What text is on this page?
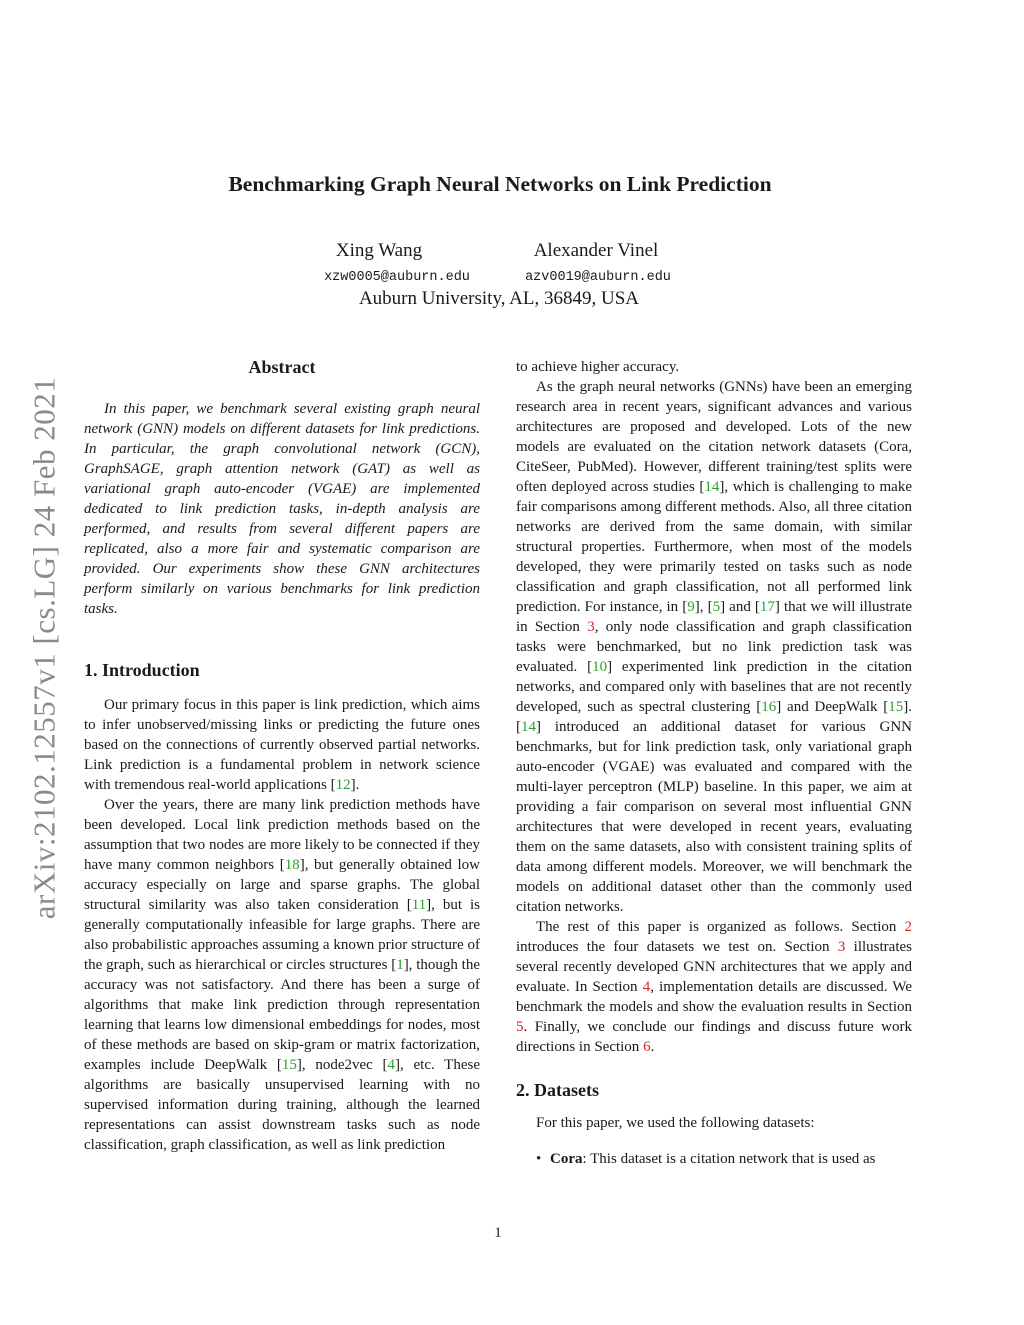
arXiv:2102.12557v1 [cs.LG] 24 Feb 2021
Benchmarking Graph Neural Networks on Link Prediction
Xing Wang
xzw0005@auburn.edu
Alexander Vinel
azv0019@auburn.edu
Auburn University, AL, 36849, USA
Abstract

In this paper, we benchmark several existing graph neural network (GNN) models on different datasets for link predictions. In particular, the graph convolutional network (GCN), GraphSAGE, graph attention network (GAT) as well as variational graph auto-encoder (VGAE) are implemented dedicated to link prediction tasks, in-depth analysis are performed, and results from several different papers are replicated, also a more fair and systematic comparison are provided. Our experiments show these GNN architectures perform similarly on various benchmarks for link prediction tasks.

1. Introduction

Our primary focus in this paper is link prediction, which aims to infer unobserved/missing links or predicting the future ones based on the connections of currently observed partial networks. Link prediction is a fundamental problem in network science with tremendous real-world applications [12].

Over the years, there are many link prediction methods have been developed. Local link prediction methods based on the assumption that two nodes are more likely to be connected if they have many common neighbors [18], but generally obtained low accuracy especially on large and sparse graphs. The global structural similarity was also taken consideration [11], but is generally computationally infeasible for large graphs. There are also probabilistic approaches assuming a known prior structure of the graph, such as hierarchical or circles structures [1], though the accuracy was not satisfactory. And there has been a surge of algorithms that make link prediction through representation learning that learns low dimensional embeddings for nodes, most of these methods are based on skip-gram or matrix factorization, examples include DeepWalk [15], node2vec [4], etc. These algorithms are basically unsupervised learning with no supervised information during training, although the learned representations can assist downstream tasks such as node classification, graph classification, as well as link prediction

to achieve higher accuracy.

As the graph neural networks (GNNs) have been an emerging research area in recent years, significant advances and various architectures are proposed and developed. Lots of the new models are evaluated on the citation network datasets (Cora, CiteSeer, PubMed). However, different training/test splits were often deployed across studies [14], which is challenging to make fair comparisons among different methods. Also, all three citation networks are derived from the same domain, with similar structural properties. Furthermore, when most of the models developed, they were primarily tested on tasks such as node classification and graph classification, not all performed link prediction. For instance, in [9], [5] and [17] that we will illustrate in Section 3, only node classification and graph classification tasks were benchmarked, but no link prediction task was evaluated. [10] experimented link prediction in the citation networks, and compared only with baselines that are not recently developed, such as spectral clustering [16] and DeepWalk [15]. [14] introduced an additional dataset for various GNN benchmarks, but for link prediction task, only variational graph auto-encoder (VGAE) was evaluated and compared with the multi-layer perceptron (MLP) baseline. In this paper, we aim at providing a fair comparison on several most influential GNN architectures that were developed in recent years, evaluating them on the same datasets, also with consistent training splits of data among different models. Moreover, we will benchmark the models on additional dataset other than the commonly used citation networks.

The rest of this paper is organized as follows. Section 2 introduces the four datasets we test on. Section 3 illustrates several recently developed GNN architectures that we apply and evaluate. In Section 4, implementation details are discussed. We benchmark the models and show the evaluation results in Section 5. Finally, we conclude our findings and discuss future work directions in Section 6.

2. Datasets

For this paper, we used the following datasets:

• Cora: This dataset is a citation network that is used as
1
